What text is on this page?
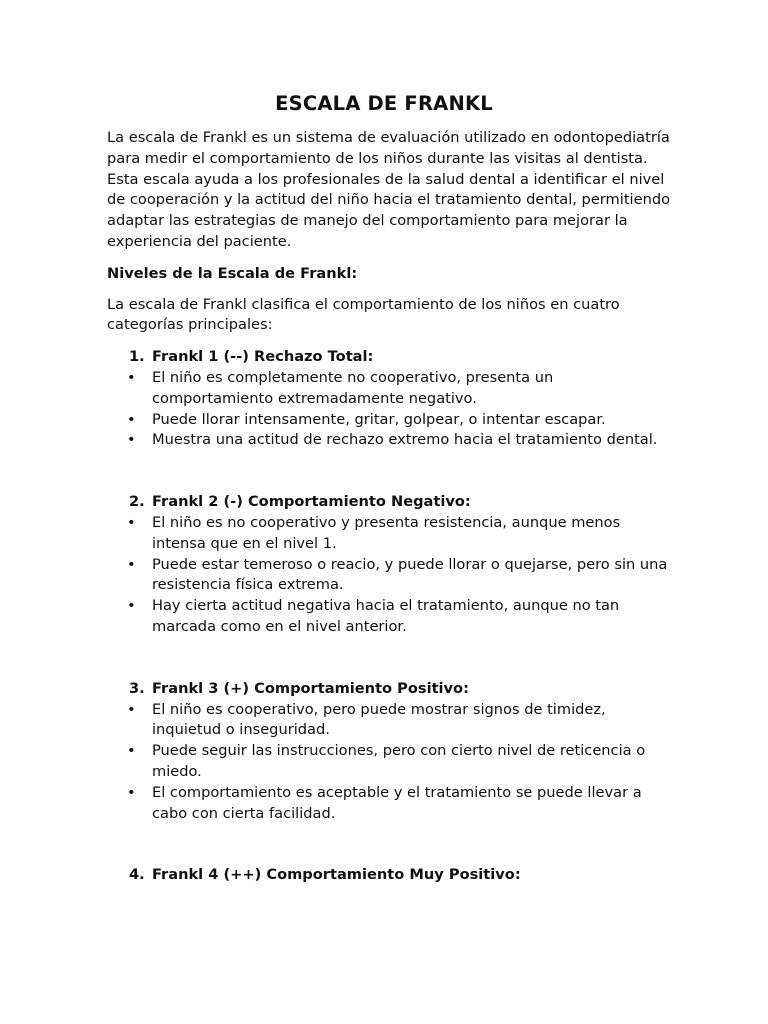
ESCALA DE FRANKL

La escala de Frankl es un sistema de evaluación utilizado en odontopediatría para medir el comportamiento de los niños durante las visitas al dentista. Esta escala ayuda a los profesionales de la salud dental a identificar el nivel de cooperación y la actitud del niño hacia el tratamiento dental, permitiendo adaptar las estrategias de manejo del comportamiento para mejorar la experiencia del paciente.

Niveles de la Escala de Frankl:

La escala de Frankl clasifica el comportamiento de los niños en cuatro categorías principales:

1. Frankl 1 (--) Rechazo Total:
• El niño es completamente no cooperativo, presenta un comportamiento extremadamente negativo.
• Puede llorar intensamente, gritar, golpear, o intentar escapar.
• Muestra una actitud de rechazo extremo hacia el tratamiento dental.
2. Frankl 2 (-) Comportamiento Negativo:
• El niño es no cooperativo y presenta resistencia, aunque menos intensa que en el nivel 1.
• Puede estar temeroso o reacio, y puede llorar o quejarse, pero sin una resistencia física extrema.
• Hay cierta actitud negativa hacia el tratamiento, aunque no tan marcada como en el nivel anterior.
3. Frankl 3 (+) Comportamiento Positivo:
• El niño es cooperativo, pero puede mostrar signos de timidez, inquietud o inseguridad.
• Puede seguir las instrucciones, pero con cierto nivel de reticencia o miedo.
• El comportamiento es aceptable y el tratamiento se puede llevar a cabo con cierta facilidad.
4. Frankl 4 (++) Comportamiento Muy Positivo:
